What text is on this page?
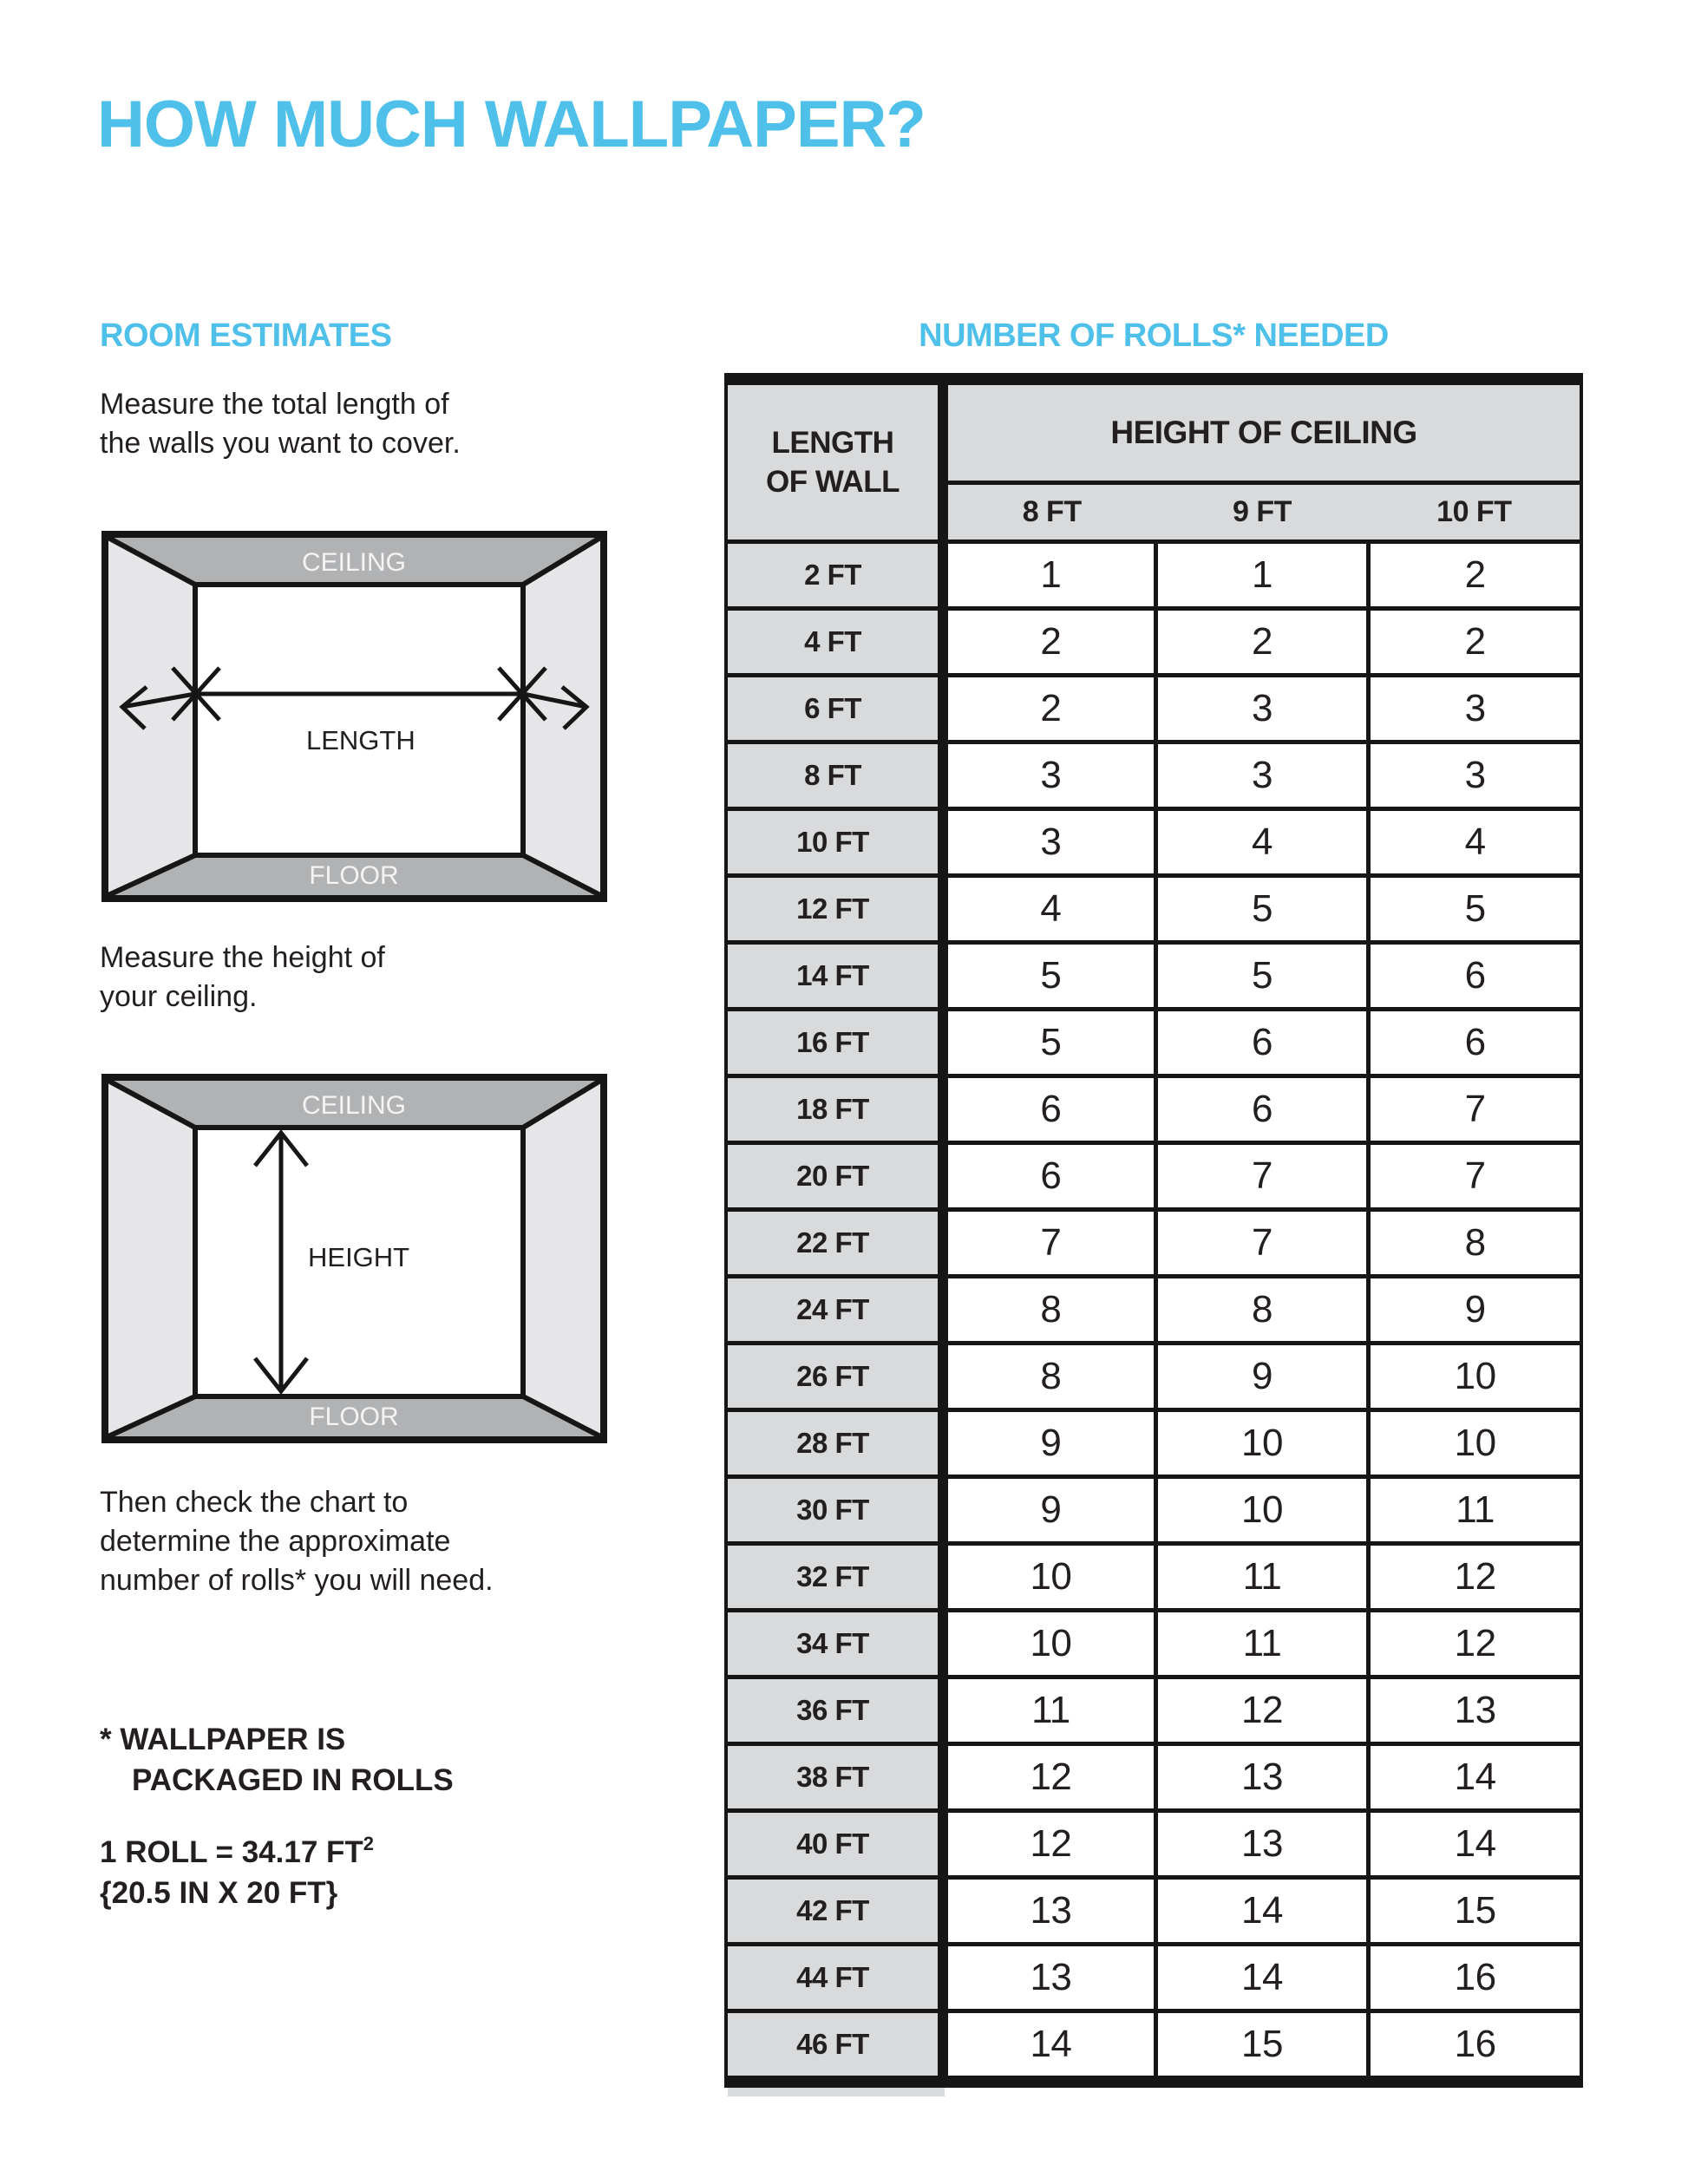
HOW MUCH WALLPAPER?
ROOM ESTIMATES	NUMBER OF ROLLS* NEEDED

Measure the total length of
the walls you want to cover.

CEILING
FLOOR
LENGTH

Measure the height of
your ceiling.

CEILING
FLOOR
HEIGHT

Then check the chart to
determine the approximate
number of rolls* you will need.

* WALLPAPER IS
PACKAGED IN ROLLS

1 ROLL = 34.17 $FT^2$
{20.5 IN X 20 FT}

LENGTH
OF WALL	HEIGHT OF CEILING		
	8 FT	9 FT	10 FT
2 FT	1	1	2
4 FT	2	2	2
6 FT	2	3	3
8 FT	3	3	3
10 FT	3	4	4
12 FT	4	5	5
14 FT	5	5	6
16 FT	5	6	6
18 FT	6	6	7
20 FT	6	7	7
22 FT	7	7	8
24 FT	8	8	9
26 FT	8	9	10
28 FT	9	10	10
30 FT	9	10	11
32 FT	10	11	12
34 FT	10	11	12
36 FT	11	12	13
38 FT	12	13	14
40 FT	12	13	14
42 FT	13	14	15
44 FT	13	14	16
46 FT	14	15	16
